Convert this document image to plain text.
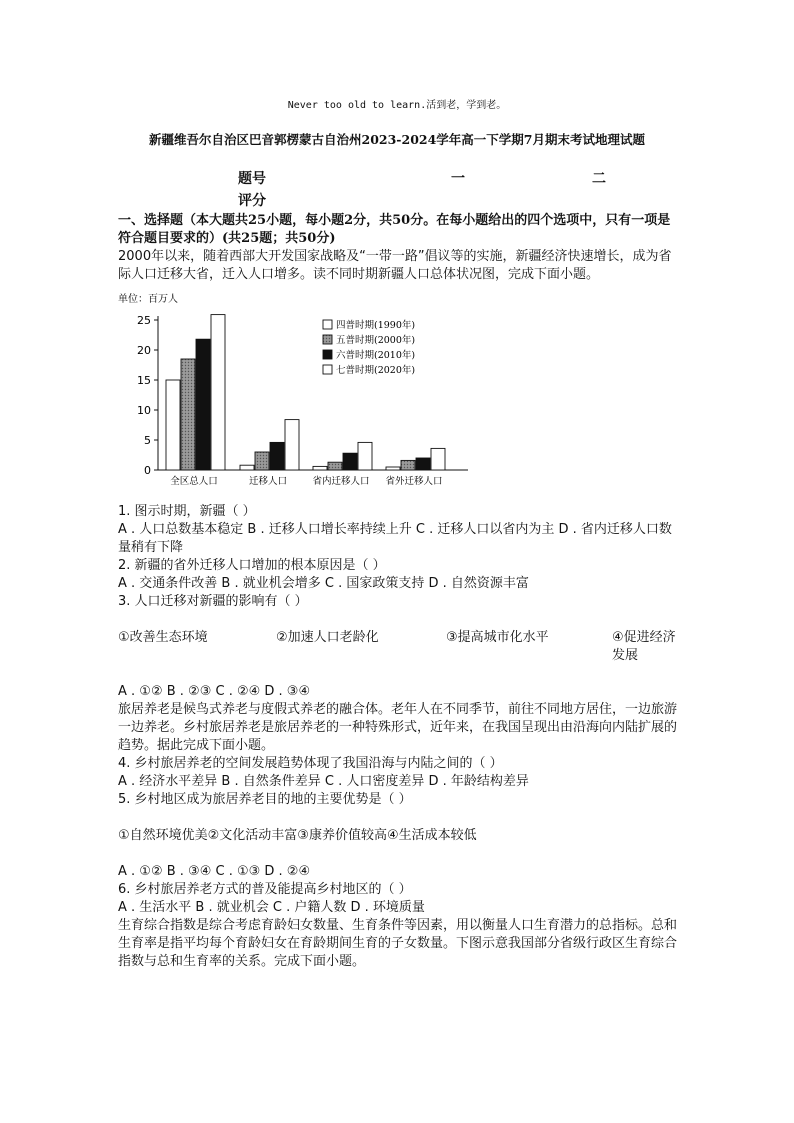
Never too old to learn.活到老，学到老。
新疆维吾尔自治区巴音郭楞蒙古自治州2023-2024学年高一下学期7月期末考试地理试题
题号	一	二
评分
一、选择题（本大题共25小题，每小题2分，共50分。在每小题给出的四个选项中，只有一项是符合题目要求的）(共25题；共50分)

2000年以来，随着西部大开发国家战略及“一带一路”倡议等的实施，新疆经济快速增长，成为省际人口迁移大省，迁入人口增多。读不同时期新疆人口总体状况图，完成下面小题。

单位：百万人
0
5
10
15
20
25
全区总人口	迁移人口	省内迁移人口 省外迁移人口
四普时期(1990年)
五普时期(2000年)
六普时期(2010年)
七普时期(2020年)

1. 图示时期，新疆（ ）

A . 人口总数基本稳定 B . 迁移人口增长率持续上升 C . 迁移人口以省内为主 D . 省内迁移人口数量稍有下降

2. 新疆的省外迁移人口增加的根本原因是（ ）

A . 交通条件改善 B . 就业机会增多 C . 国家政策支持 D . 自然资源丰富

3. 人口迁移对新疆的影响有（ ）

①改善生态环境	②加速人口老龄化	③提高城市化水平	④促进经济发展

A . ①② B . ②③ C . ②④ D . ③④

旅居养老是候鸟式养老与度假式养老的融合体。老年人在不同季节，前往不同地方居住，一边旅游一边养老。乡村旅居养老是旅居养老的一种特殊形式，近年来，在我国呈现出由沿海向内陆扩展的趋势。据此完成下面小题。

4. 乡村旅居养老的空间发展趋势体现了我国沿海与内陆之间的（ ）

A . 经济水平差异 B . 自然条件差异 C . 人口密度差异 D . 年龄结构差异

5. 乡村地区成为旅居养老目的地的主要优势是（ ）

①自然环境优美②文化活动丰富③康养价值较高④生活成本较低

A . ①② B . ③④ C . ①③ D . ②④

6. 乡村旅居养老方式的普及能提高乡村地区的（ ）

A . 生活水平 B . 就业机会 C . 户籍人数 D . 环境质量

生育综合指数是综合考虑育龄妇女数量、生育条件等因素，用以衡量人口生育潜力的总指标。总和生育率是指平均每个育龄妇女在育龄期间生育的子女数量。下图示意我国部分省级行政区生育综合指数与总和生育率的关系。完成下面小题。
